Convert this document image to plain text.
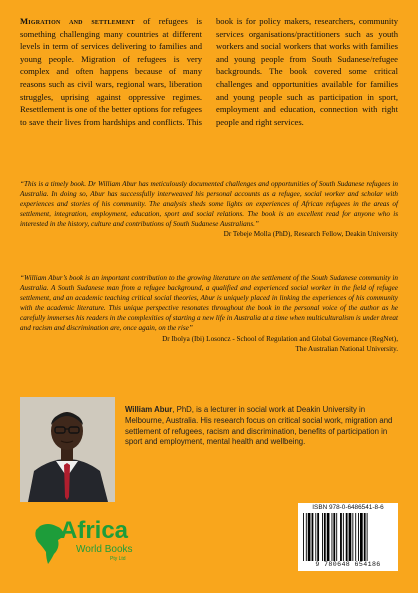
Migration and settlement of refugees is something challenging many countries at different levels in term of services delivering to families and young people. Migration of refugees is very complex and often happens because of many reasons such as civil wars, regional wars, liberation struggles, uprising against oppressive regimes. Resettlement is one of the better options for refugees to save their lives from hardships and conflicts. This book is for policy makers, researchers, community services organisations/practitioners such as youth workers and social workers that works with families and young people from South Sudanese/refugee backgrounds. The book covered some critical challenges and opportunities available for families and young people such as participation in sport, employment and education, connection with right people and right services.
“This is a timely book. Dr William Abur has meticulously documented challenges and opportunities of South Sudanese refugees in Australia. In doing so, Abur has successfully interweaved his personal accounts as a refugee, social worker and scholar with experiences and stories of his community. The analysis sheds some lights on experiences of African refugees in the areas of settlement, integration, employment, education, sport and social relations. The book is an excellent read for anyone who is interested in the history, culture and contributions of South Sudanese Australians.”
Dr Tebeje Molla (PhD), Research Fellow, Deakin University
“William Abur’s book is an important contribution to the growing literature on the settlement of the South Sudanese community in Australia. A South Sudanese man from a refugee background, a qualified and experienced social worker in the field of refugee settlement, and an academic teaching critical social theories, Abur is uniquely placed in linking the experiences of his community with the academic literature. This unique perspective resonates throughout the book in the personal voice of the author as he carefully immerses his readers in the complexities of starting a new life in Australia at a time when multiculturalism is under threat and racism and discrimination are, once again, on the rise”
Dr Ibolya (Ibi) Losoncz - School of Regulation and Global Governance (RegNet),
The Australian National University.
William Abur, PhD, is a lecturer in social work at Deakin University in Melbourne, Australia. His research focus on critical social work, migration and settlement of refugees, racism and discrimination, benefits of participation in sport and employment, mental health and wellbeing.
Africa
World Books
Pty Ltd
ISBN 978-0-6486541-8-6
9 780648 654186
